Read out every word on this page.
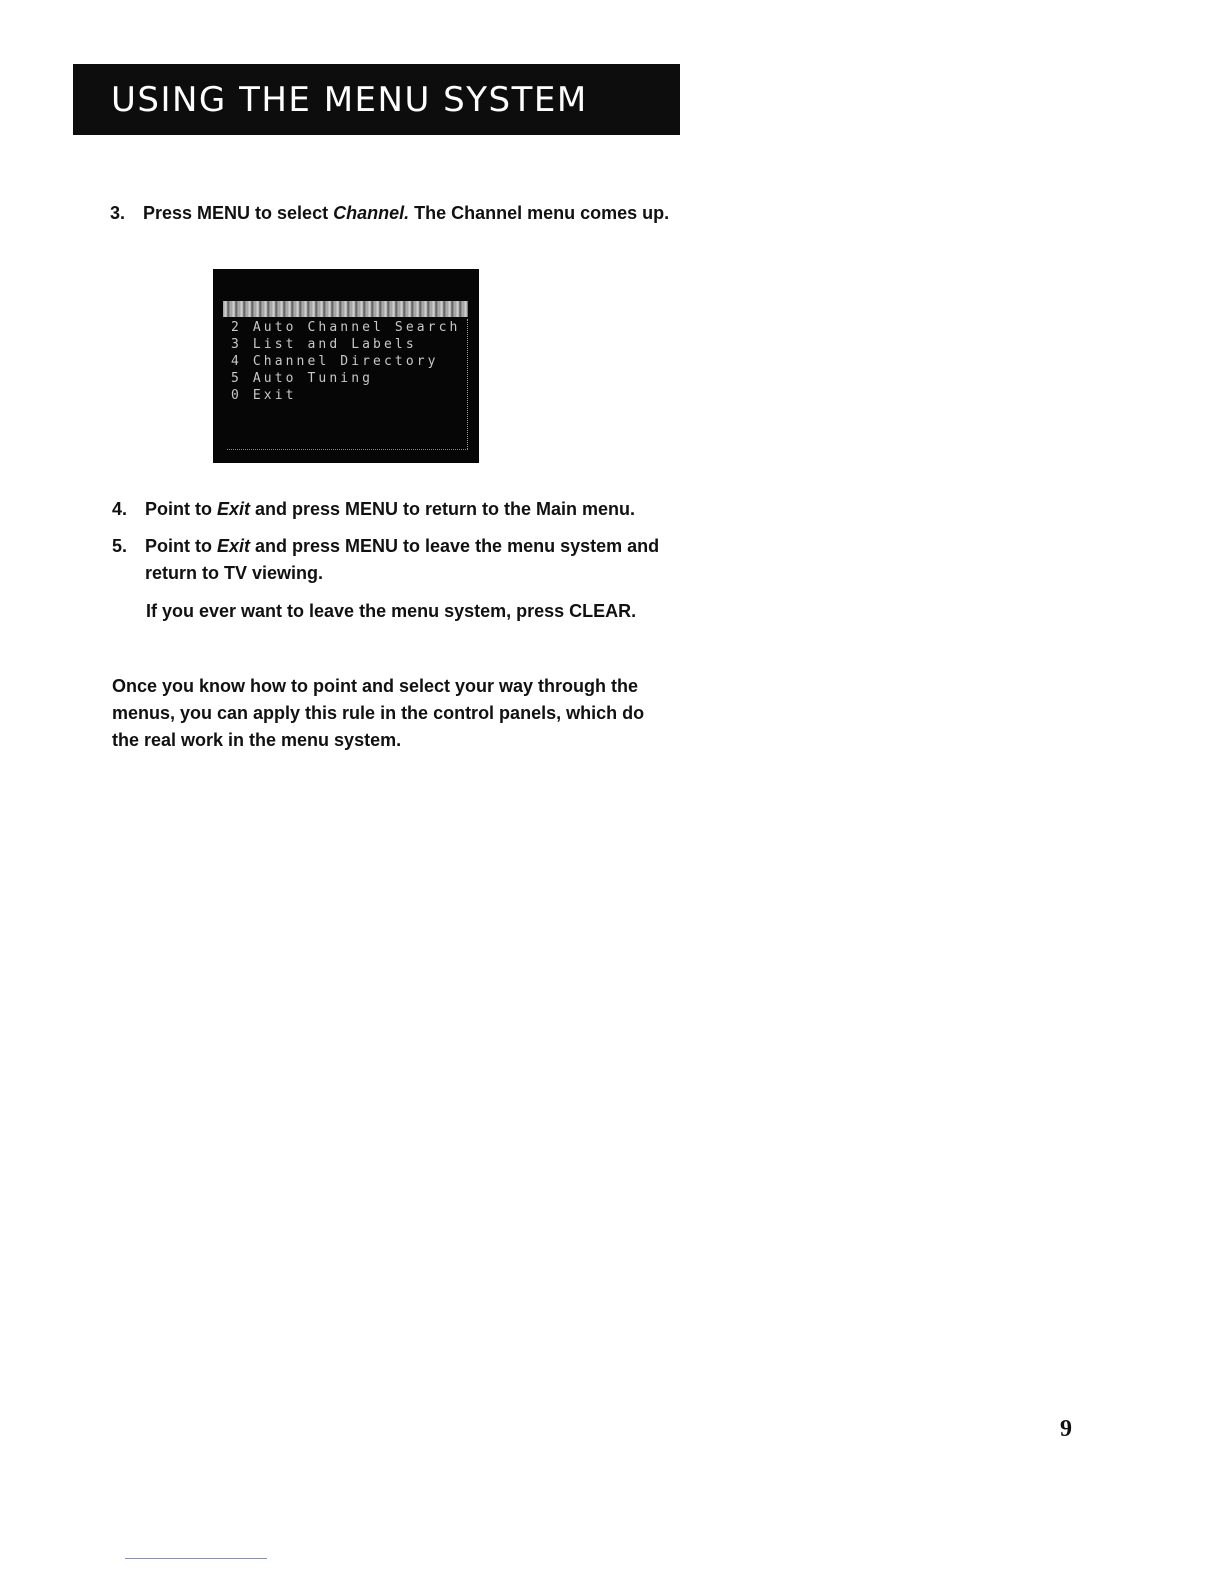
USING THE MENU SYSTEM
3. Press MENU to select Channel. The Channel menu comes up.
2 Auto Channel Search
3 List and Labels
4 Channel Directory
5 Auto Tuning
0 Exit
4. Point to Exit and press MENU to return to the Main menu.
5. Point to Exit and press MENU to leave the menu system and return to TV viewing.
If you ever want to leave the menu system, press CLEAR.
Once you know how to point and select your way through the menus, you can apply this rule in the control panels, which do the real work in the menu system.
9
